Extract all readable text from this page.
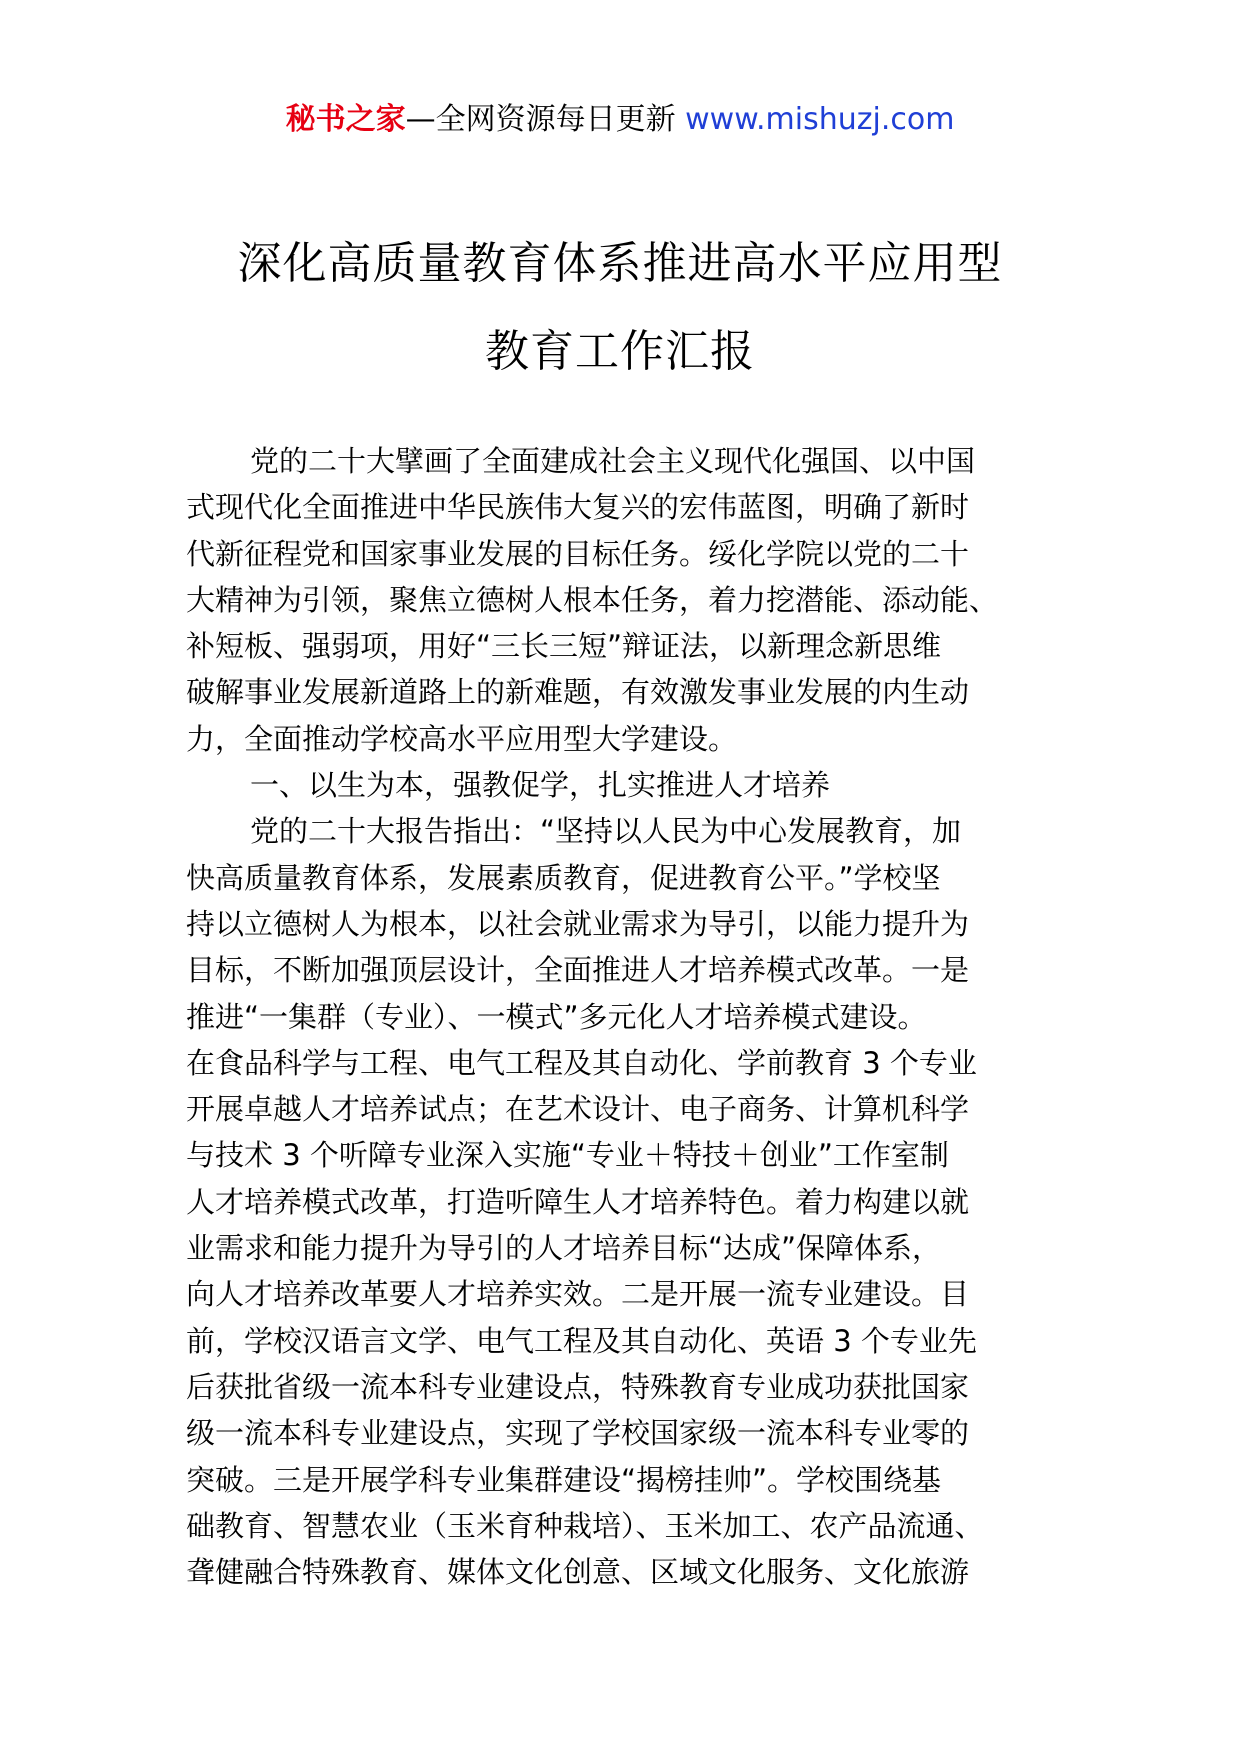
秘书之家—全网资源每日更新 www.mishuzj.com
深化高质量教育体系推进高水平应用型
教育工作汇报
党的二十大擘画了全面建成社会主义现代化强国、以中国
式现代化全面推进中华民族伟大复兴的宏伟蓝图，明确了新时
代新征程党和国家事业发展的目标任务。绥化学院以党的二十
大精神为引领，聚焦立德树人根本任务，着力挖潜能、添动能、
补短板、强弱项，用好“三长三短”辩证法，以新理念新思维
破解事业发展新道路上的新难题，有效激发事业发展的内生动
力，全面推动学校高水平应用型大学建设。
一、以生为本，强教促学，扎实推进人才培养
党的二十大报告指出：“坚持以人民为中心发展教育，加
快高质量教育体系，发展素质教育，促进教育公平。”学校坚
持以立德树人为根本，以社会就业需求为导引，以能力提升为
目标，不断加强顶层设计，全面推进人才培养模式改革。一是
推进“一集群（专业）、一模式”多元化人才培养模式建设。
在食品科学与工程、电气工程及其自动化、学前教育 3 个专业
开展卓越人才培养试点；在艺术设计、电子商务、计算机科学
与技术 3 个听障专业深入实施“专业＋特技＋创业”工作室制
人才培养模式改革，打造听障生人才培养特色。着力构建以就
业需求和能力提升为导引的人才培养目标“达成”保障体系，
向人才培养改革要人才培养实效。二是开展一流专业建设。目
前，学校汉语言文学、电气工程及其自动化、英语 3 个专业先
后获批省级一流本科专业建设点，特殊教育专业成功获批国家
级一流本科专业建设点，实现了学校国家级一流本科专业零的
突破。三是开展学科专业集群建设“揭榜挂帅”。学校围绕基
础教育、智慧农业（玉米育种栽培）、玉米加工、农产品流通、
聋健融合特殊教育、媒体文化创意、区域文化服务、文化旅游
